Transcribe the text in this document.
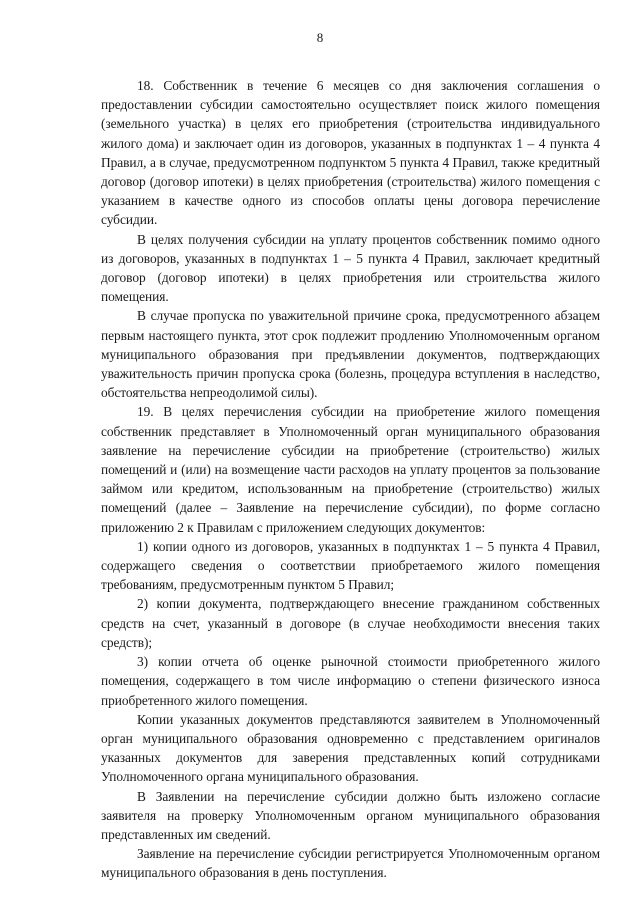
8

18. Собственник в течение 6 месяцев со дня заключения соглашения о предоставлении субсидии самостоятельно осуществляет поиск жилого помещения (земельного участка) в целях его приобретения (строительства индивидуального жилого дома) и заключает один из договоров, указанных в подпунктах 1 – 4 пункта 4 Правил, а в случае, предусмотренном подпунктом 5 пункта 4 Правил, также кредитный договор (договор ипотеки) в целях приобретения (строительства) жилого помещения с указанием в качестве одного из способов оплаты цены договора перечисление субсидии.

В целях получения субсидии на уплату процентов собственник помимо одного из договоров, указанных в подпунктах 1 – 5 пункта 4 Правил, заключает кредитный договор (договор ипотеки) в целях приобретения или строительства жилого помещения.

В случае пропуска по уважительной причине срока, предусмотренного абзацем первым настоящего пункта, этот срок подлежит продлению Уполномоченным органом муниципального образования при предъявлении документов, подтверждающих уважительность причин пропуска срока (болезнь, процедура вступления в наследство, обстоятельства непреодолимой силы).

19. В целях перечисления субсидии на приобретение жилого помещения собственник представляет в Уполномоченный орган муниципального образования заявление на перечисление субсидии на приобретение (строительство) жилых помещений и (или) на возмещение части расходов на уплату процентов за пользование займом или кредитом, использованным на приобретение (строительство) жилых помещений (далее – Заявление на перечисление субсидии), по форме согласно приложению 2 к Правилам с приложением следующих документов:

1) копии одного из договоров, указанных в подпунктах 1 – 5 пункта 4 Правил, содержащего сведения о соответствии приобретаемого жилого помещения требованиям, предусмотренным пунктом 5 Правил;

2) копии документа, подтверждающего внесение гражданином собственных средств на счет, указанный в договоре (в случае необходимости внесения таких средств);

3) копии отчета об оценке рыночной стоимости приобретенного жилого помещения, содержащего в том числе информацию о степени физического износа приобретенного жилого помещения.

Копии указанных документов представляются заявителем в Уполномоченный орган муниципального образования одновременно с представлением оригиналов указанных документов для заверения представленных копий сотрудниками Уполномоченного органа муниципального образования.

В Заявлении на перечисление субсидии должно быть изложено согласие заявителя на проверку Уполномоченным органом муниципального образования представленных им сведений.

Заявление на перечисление субсидии регистрируется Уполномоченным органом муниципального образования в день поступления.
